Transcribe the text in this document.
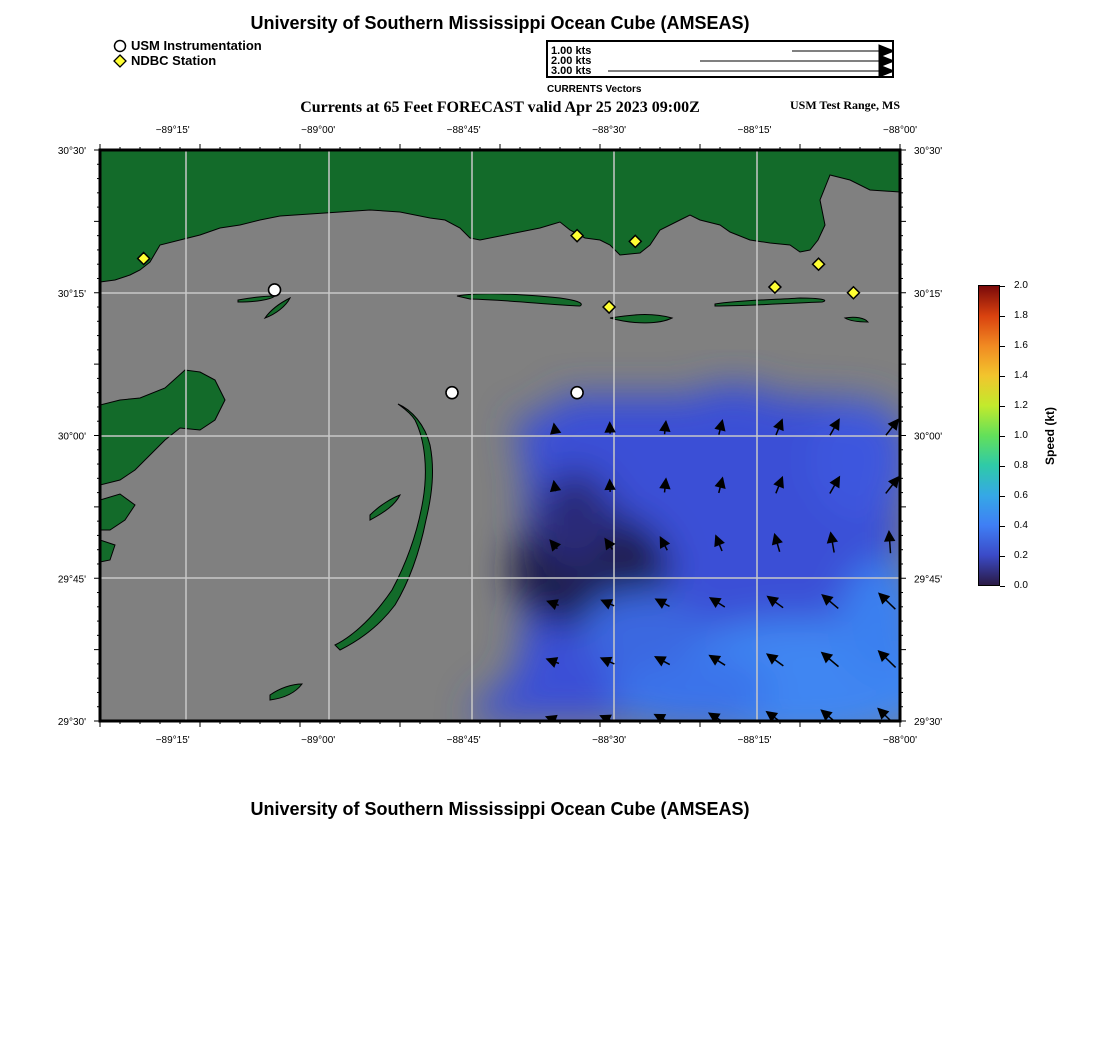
University of Southern Mississippi Ocean Cube (AMSEAS)
USM Instrumentation
NDBC Station
1.00 kts
2.00 kts
3.00 kts
CURRENTS Vectors
Currents at 65 Feet FORECAST valid Apr 25 2023 09:00Z	USM Test Range, MS
−89°15'
−89°15'
−89°00'
−89°00'
−88°45'
−88°45'
−88°30'
−88°30'
−88°15'
−88°15'
−88°00'
−88°00'
30°30'	30°30'
30°15'	30°15'
30°00'	30°00'
29°45'	29°45'
29°30'	29°30'
2.0
1.8
1.6
1.4
1.2
1.0
0.8
0.6
0.4
0.2
0.0
Speed (kt)
University of Southern Mississippi Ocean Cube (AMSEAS)
